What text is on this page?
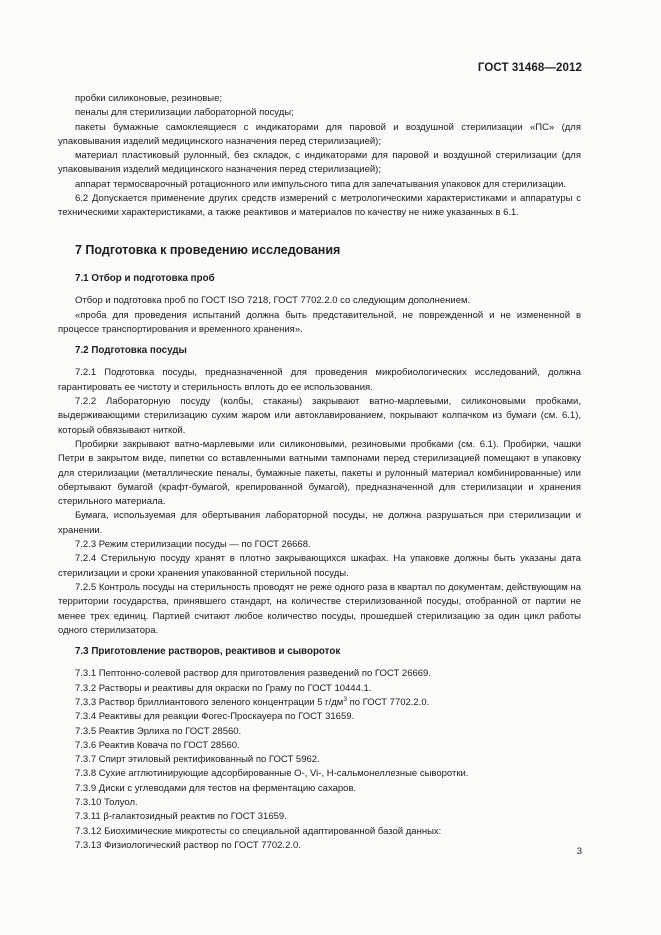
ГОСТ 31468—2012

пробки силиконовые, резиновые;

пеналы для стерилизации лабораторной посуды;

пакеты бумажные самоклеящиеся с индикаторами для паровой и воздушной стерилизации «ПС» (для упаковывания изделий медицинского назначения перед стерилизацией);

материал пластиковый рулонный, без складок, с индикаторами для паровой и воздушной стерилизации (для упаковывания изделий медицинского назначения перед стерилизацией);

аппарат термосварочный ротационного или импульсного типа для запечатывания упаковок для стерилизации.

6.2 Допускается применение других средств измерений с метрологическими характеристиками и аппаратуры с техническими характеристиками, а также реактивов и материалов по качеству не ниже указанных в 6.1.

7 Подготовка к проведению исследования
7.1 Отбор и подготовка проб

Отбор и подготовка проб по ГОСТ ISO 7218, ГОСТ 7702.2.0 со следующим дополнением.

«проба для проведения испытаний должна быть представительной, не поврежденной и не измененной в процессе транспортирования и временного хранения».

7.2 Подготовка посуды

7.2.1 Подготовка посуды, предназначенной для проведения микробиологических исследований, должна гарантировать ее чистоту и стерильность вплоть до ее использования.

7.2.2 Лабораторную посуду (колбы, стаканы) закрывают ватно-марлевыми, силиконовыми пробками, выдерживающими стерилизацию сухим жаром или автоклавированием, покрывают колпачком из бумаги (см. 6.1), который обвязывают ниткой.

Пробирки закрывают ватно-марлевыми или силиконовыми, резиновыми пробками (см. 6.1). Пробирки, чашки Петри в закрытом виде, пипетки со вставленными ватными тампонами перед стерилизацией помещают в упаковку для стерилизации (металлические пеналы, бумажные пакеты, пакеты и рулонный материал комбинированные) или обертывают бумагой (крафт-бумагой, крепированной бумагой), предназначенной для стерилизации и хранения стерильного материала.

Бумага, используемая для обертывания лабораторной посуды, не должна разрушаться при стерилизации и хранении.

7.2.3 Режим стерилизации посуды — по ГОСТ 26668.

7.2.4 Стерильную посуду хранят в плотно закрывающихся шкафах. На упаковке должны быть указаны дата стерилизации и сроки хранения упакованной стерильной посуды.

7.2.5 Контроль посуды на стерильность проводят не реже одного раза в квартал по документам, действующим на территории государства, принявшего стандарт, на количестве стерилизованной посуды, отобранной от партии не менее трех единиц. Партией считают любое количество посуды, прошедшей стерилизацию за один цикл работы одного стерилизатора.

7.3 Приготовление растворов, реактивов и сывороток

7.3.1 Пептонно-солевой раствор для приготовления разведений по ГОСТ 26669.

7.3.2 Растворы и реактивы для окраски по Граму по ГОСТ 10444.1.

7.3.3 Раствор бриллиантового зеленого концентрации 5 $г/дм^3$ по ГОСТ 7702.2.0.

7.3.4 Реактивы для реакции Фогес-Проскауера по ГОСТ 31659.

7.3.5 Реактив Эрлиха по ГОСТ 28560.

7.3.6 Реактив Ковача по ГОСТ 28560.

7.3.7 Спирт этиловый ректификованный по ГОСТ 5962.

7.3.8 Сухие агглютинирующие адсорбированные О-, Vi-, Н-сальмонеллезные сыворотки.

7.3.9 Диски с углеводами для тестов на ферментацию сахаров.

7.3.10 Толуол.

7.3.11 β-галактозидный реактив по ГОСТ 31659.

7.3.12 Биохимические микротесты со специальной адаптированной базой данных:

7.3.13 Физиологический раствор по ГОСТ 7702.2.0.

3
